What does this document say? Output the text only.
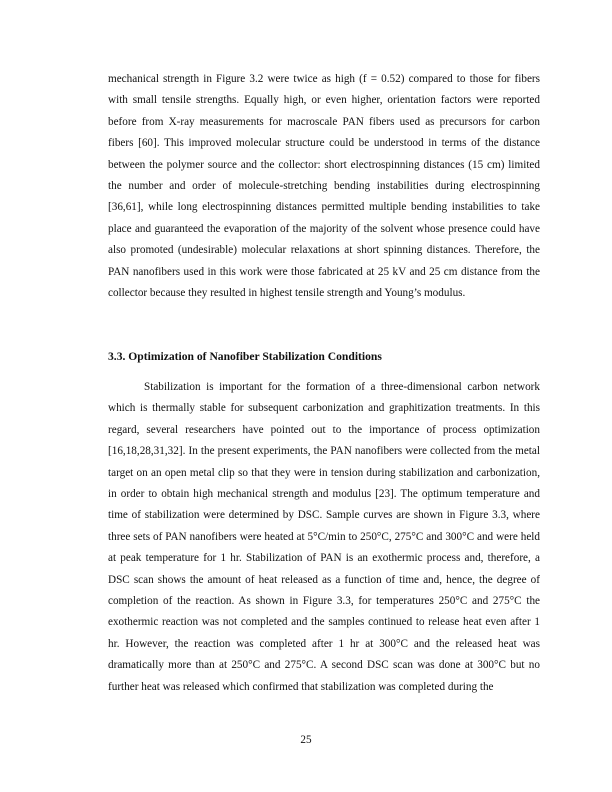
mechanical strength in Figure 3.2 were twice as high (f = 0.52) compared to those for fibers with small tensile strengths. Equally high, or even higher, orientation factors were reported before from X-ray measurements for macroscale PAN fibers used as precursors for carbon fibers [60]. This improved molecular structure could be understood in terms of the distance between the polymer source and the collector: short electrospinning distances (15 cm) limited the number and order of molecule-stretching bending instabilities during electrospinning [36,61], while long electrospinning distances permitted multiple bending instabilities to take place and guaranteed the evaporation of the majority of the solvent whose presence could have also promoted (undesirable) molecular relaxations at short spinning distances. Therefore, the PAN nanofibers used in this work were those fabricated at 25 kV and 25 cm distance from the collector because they resulted in highest tensile strength and Young’s modulus.

3.3. Optimization of Nanofiber Stabilization Conditions

Stabilization is important for the formation of a three-dimensional carbon network which is thermally stable for subsequent carbonization and graphitization treatments. In this regard, several researchers have pointed out to the importance of process optimization [16,18,28,31,32]. In the present experiments, the PAN nanofibers were collected from the metal target on an open metal clip so that they were in tension during stabilization and carbonization, in order to obtain high mechanical strength and modulus [23]. The optimum temperature and time of stabilization were determined by DSC. Sample curves are shown in Figure 3.3, where three sets of PAN nanofibers were heated at 5°C/min to 250°C, 275°C and 300°C and were held at peak temperature for 1 hr. Stabilization of PAN is an exothermic process and, therefore, a DSC scan shows the amount of heat released as a function of time and, hence, the degree of completion of the reaction. As shown in Figure 3.3, for temperatures 250°C and 275°C the exothermic reaction was not completed and the samples continued to release heat even after 1 hr. However, the reaction was completed after 1 hr at 300°C and the released heat was dramatically more than at 250°C and 275°C. A second DSC scan was done at 300°C but no further heat was released which confirmed that stabilization was completed during the

25
